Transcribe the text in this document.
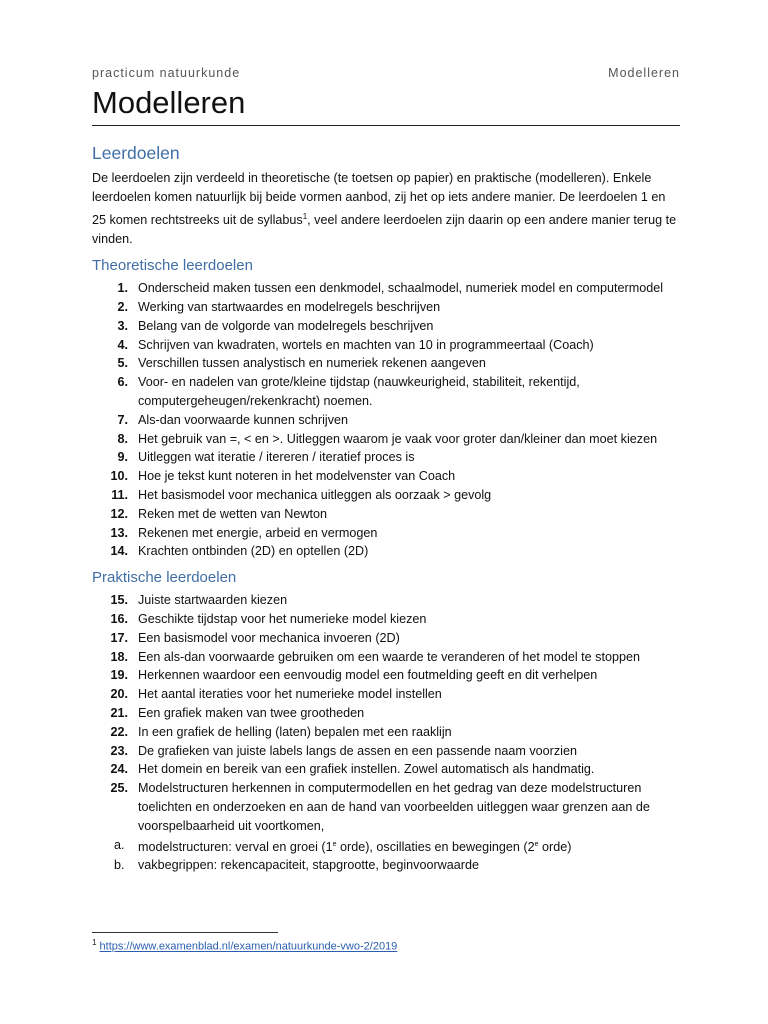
practicum natuurkunde	Modelleren
Modelleren
Leerdoelen
De leerdoelen zijn verdeeld in theoretische (te toetsen op papier) en praktische (modelleren). Enkele leerdoelen komen natuurlijk bij beide vormen aanbod, zij het op iets andere manier. De leerdoelen 1 en 25 komen rechtstreeks uit de syllabus$^1$, veel andere leerdoelen zijn daarin op een andere manier terug te vinden.
Theoretische leerdoelen
1. Onderscheid maken tussen een denkmodel, schaalmodel, numeriek model en computermodel
2. Werking van startwaardes en modelregels beschrijven
3. Belang van de volgorde van modelregels beschrijven
4. Schrijven van kwadraten, wortels en machten van 10 in programmeertaal (Coach)
5. Verschillen tussen analystisch en numeriek rekenen aangeven
6. Voor- en nadelen van grote/kleine tijdstap (nauwkeurigheid, stabiliteit, rekentijd, computergeheugen/rekenkracht) noemen.
7. Als-dan voorwaarde kunnen schrijven
8. Het gebruik van =, < en >. Uitleggen waarom je vaak voor groter dan/kleiner dan moet kiezen
9. Uitleggen wat iteratie / itereren / iteratief proces is
10. Hoe je tekst kunt noteren in het modelvenster van Coach
11. Het basismodel voor mechanica uitleggen als oorzaak > gevolg
12. Reken met de wetten van Newton
13. Rekenen met energie, arbeid en vermogen
14. Krachten ontbinden (2D) en optellen (2D)
Praktische leerdoelen
15. Juiste startwaarden kiezen
16. Geschikte tijdstap voor het numerieke model kiezen
17. Een basismodel voor mechanica invoeren (2D)
18. Een als-dan voorwaarde gebruiken om een waarde te veranderen of het model te stoppen
19. Herkennen waardoor een eenvoudig model een foutmelding geeft en dit verhelpen
20. Het aantal iteraties voor het numerieke model instellen
21. Een grafiek maken van twee grootheden
22. In een grafiek de helling (laten) bepalen met een raaklijn
23. De grafieken van juiste labels langs de assen en een passende naam voorzien
24. Het domein en bereik van een grafiek instellen. Zowel automatisch als handmatig.
25. Modelstructuren herkennen in computermodellen en het gedrag van deze modelstructuren toelichten en onderzoeken en aan de hand van voorbeelden uitleggen waar grenzen aan de voorspelbaarheid uit voortkomen,
a. modelstructuren: verval en groei (1e orde), oscillaties en bewegingen (2e orde)
b. vakbegrippen: rekencapaciteit, stapgrootte, beginvoorwaarde
$^1$ https://www.examenblad.nl/examen/natuurkunde-vwo-2/2019
